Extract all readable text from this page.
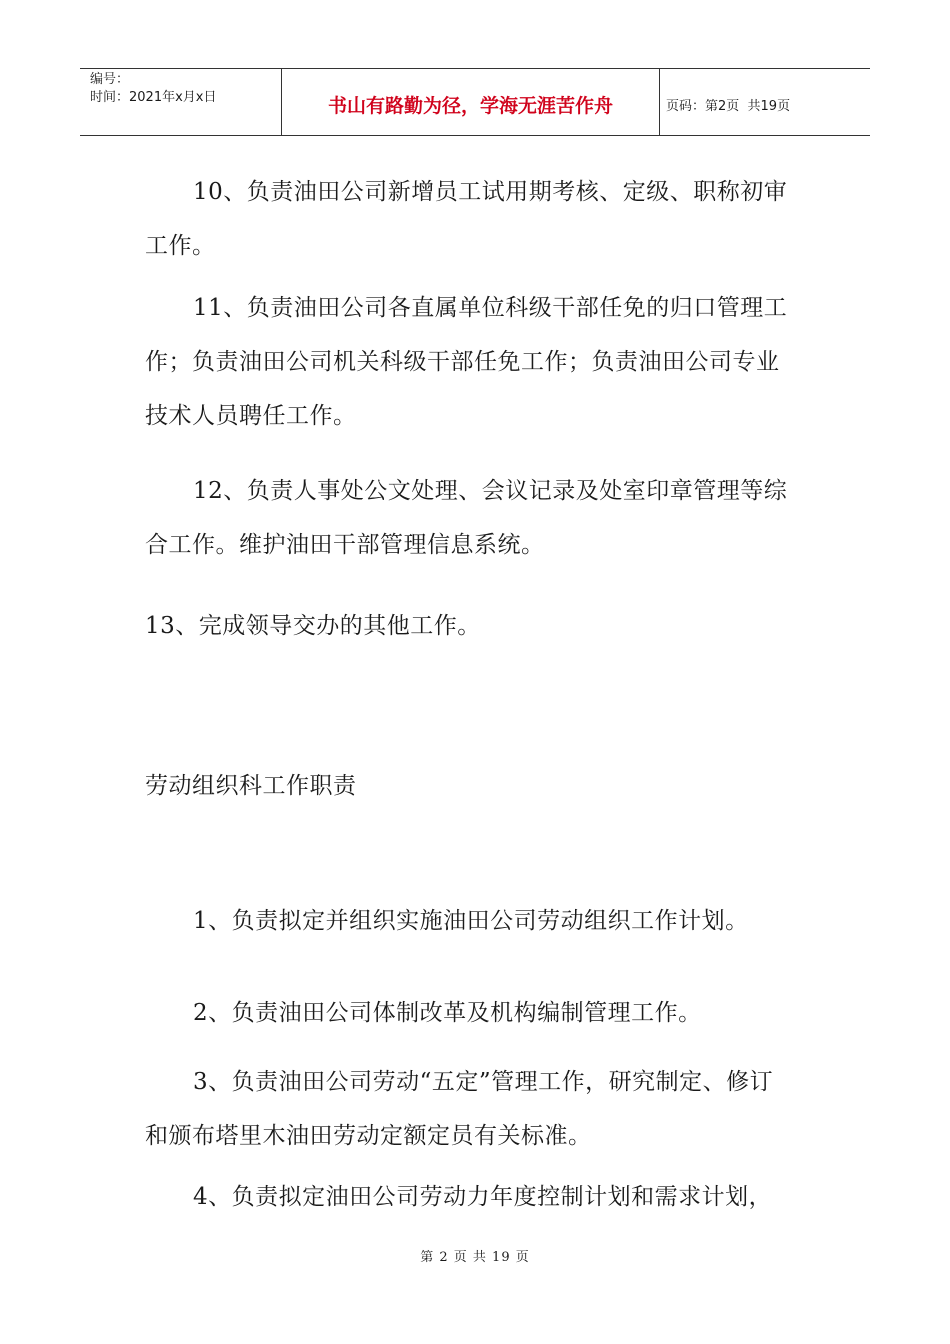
编号：
时间：2021年x月x日	书山有路勤为径，学海无涯苦作舟	页码：第2页  共19页

10、负责油田公司新增员工试用期考核、定级、职称初审工作。

11、负责油田公司各直属单位科级干部任免的归口管理工作；负责油田公司机关科级干部任免工作；负责油田公司专业技术人员聘任工作。

12、负责人事处公文处理、会议记录及处室印章管理等综合工作。维护油田干部管理信息系统。

13、完成领导交办的其他工作。

劳动组织科工作职责

1、负责拟定并组织实施油田公司劳动组织工作计划。

2、负责油田公司体制改革及机构编制管理工作。

3、负责油田公司劳动“五定”管理工作，研究制定、修订和颁布塔里木油田劳动定额定员有关标准。

4、负责拟定油田公司劳动力年度控制计划和需求计划，

第 2 页 共 19 页
